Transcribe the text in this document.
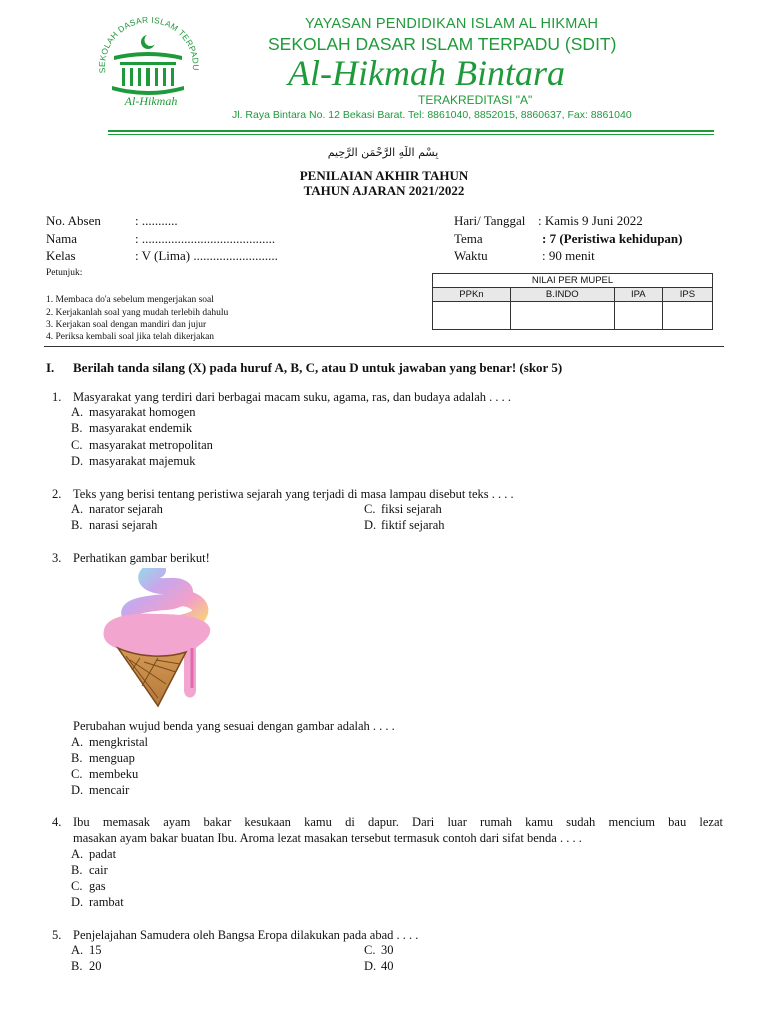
SEKOLAH DASAR ISLAM TERPADU
Al-Hikmah
YAYASAN PENDIDIKAN ISLAM AL HIKMAH
SEKOLAH DASAR ISLAM TERPADU (SDIT)
Al-Hikmah Bintara
TERAKREDITASI "A"
Jl. Raya Bintara No. 12 Bekasi Barat. Tel: 8861040, 8852015, 8860637, Fax: 8861040
بِسْمِ اللَّهِ الرَّحْمَنِ الرَّحِيمِ
PENILAIAN AKHIR TAHUN
TAHUN AJARAN 2021/2022
No. Absen	: ...........
Nama	: .........................................
Kelas	: V (Lima) ..........................
Hari/ Tanggal : Kamis 9 Juni 2022
Tema	: 7 (Peristiwa kehidupan)
Waktu	: 90 menit
Petunjuk:
1. Membaca do'a sebelum mengerjakan soal
2. Kerjakanlah soal yang mudah terlebih dahulu
3. Kerjakan soal dengan mandiri dan jujur
4. Periksa kembali soal jika telah dikerjakan
NILAI PER MUPEL			
PPKn	B.INDO	IPA	IPS

I. Berilah tanda silang (X) pada huruf A, B, C, atau D untuk jawaban yang benar! (skor 5)
1. Masyarakat yang terdiri dari berbagai macam suku, agama, ras, dan budaya adalah . . . .
A. masyarakat homogen
B. masyarakat endemik
C. masyarakat metropolitan
D. masyarakat majemuk
2. Teks yang berisi tentang peristiwa sejarah yang terjadi di masa lampau disebut teks . . . .
A. narator sejarah	C. fiksi sejarah
B. narasi sejarah	D. fiktif sejarah
3. Perhatikan gambar berikut!
Perubahan wujud benda yang sesuai dengan gambar adalah . . . .
A. mengkristal
B. menguap
C. membeku
D. mencair
4. Ibu memasak ayam bakar kesukaan kamu di dapur. Dari luar rumah kamu sudah mencium bau lezat
masakan ayam bakar buatan Ibu. Aroma lezat masakan tersebut termasuk contoh dari sifat benda . . . .
A. padat
B. cair
C. gas
D. rambat
5. Penjelajahan Samudera oleh Bangsa Eropa dilakukan pada abad . . . .
A. 15	C. 30
B. 20	D. 40
